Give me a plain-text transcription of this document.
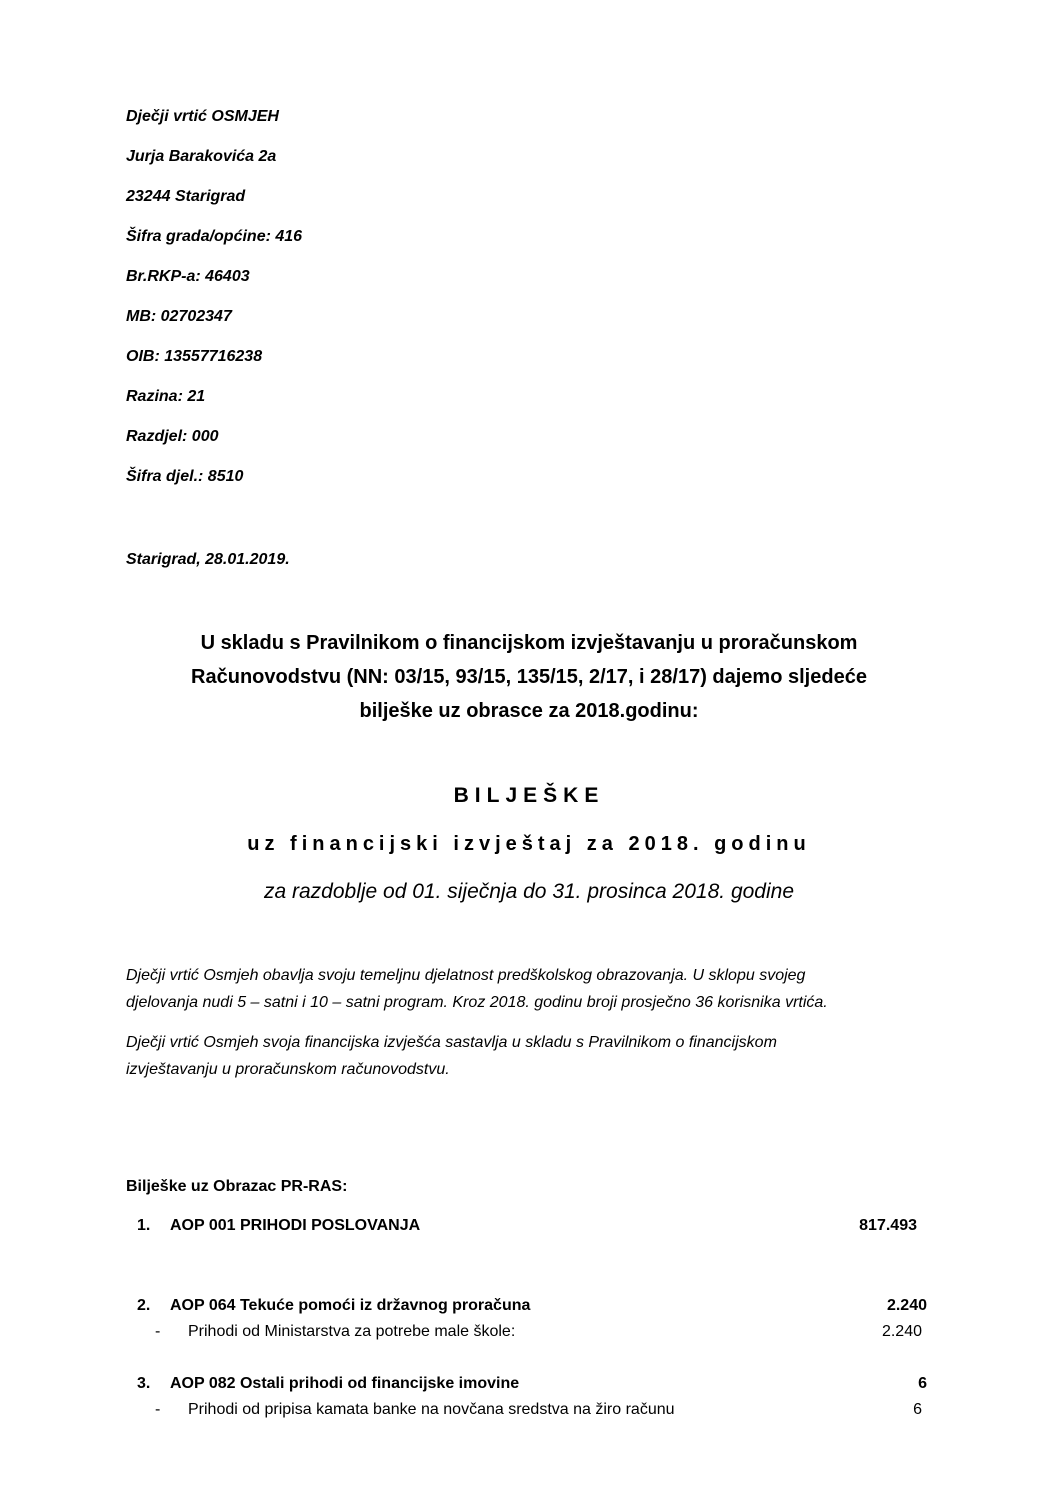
Dječji vrtić OSMJEH
Jurja Barakovića 2a
23244 Starigrad
Šifra grada/općine: 416
Br.RKP-a: 46403
MB: 02702347
OIB: 13557716238
Razina: 21
Razdjel: 000
Šifra djel.: 8510
Starigrad, 28.01.2019.
U skladu s Pravilnikom o financijskom izvještavanju u proračunskom
Računovodstvu (NN: 03/15, 93/15, 135/15, 2/17, i 28/17) dajemo sljedeće
bilješke uz obrasce za 2018.godinu:
BILJEŠKE
uz financijski izvještaj za 2018. godinu
za razdoblje od 01. siječnja do 31. prosinca 2018. godine
Dječji vrtić Osmjeh obavlja svoju temeljnu djelatnost predškolskog obrazovanja. U sklopu svojeg
djelovanja nudi 5 – satni i 10 – satni program. Kroz 2018. godinu broji prosječno 36 korisnika vrtića.
Dječji vrtić Osmjeh svoja financijska izvješća sastavlja u skladu s Pravilnikom o financijskom
izvještavanju u proračunskom računovodstvu.
Bilješke uz Obrazac PR-RAS:
1. AOP 001 PRIHODI POSLOVANJA	817.493
2. AOP 064 Tekuće pomoći iz državnog proračuna	2.240
- Prihodi od Ministarstva za potrebe male škole:	2.240
3. AOP 082 Ostali prihodi od financijske imovine	6
- Prihodi od pripisa kamata banke na novčana sredstva na žiro računu	6
